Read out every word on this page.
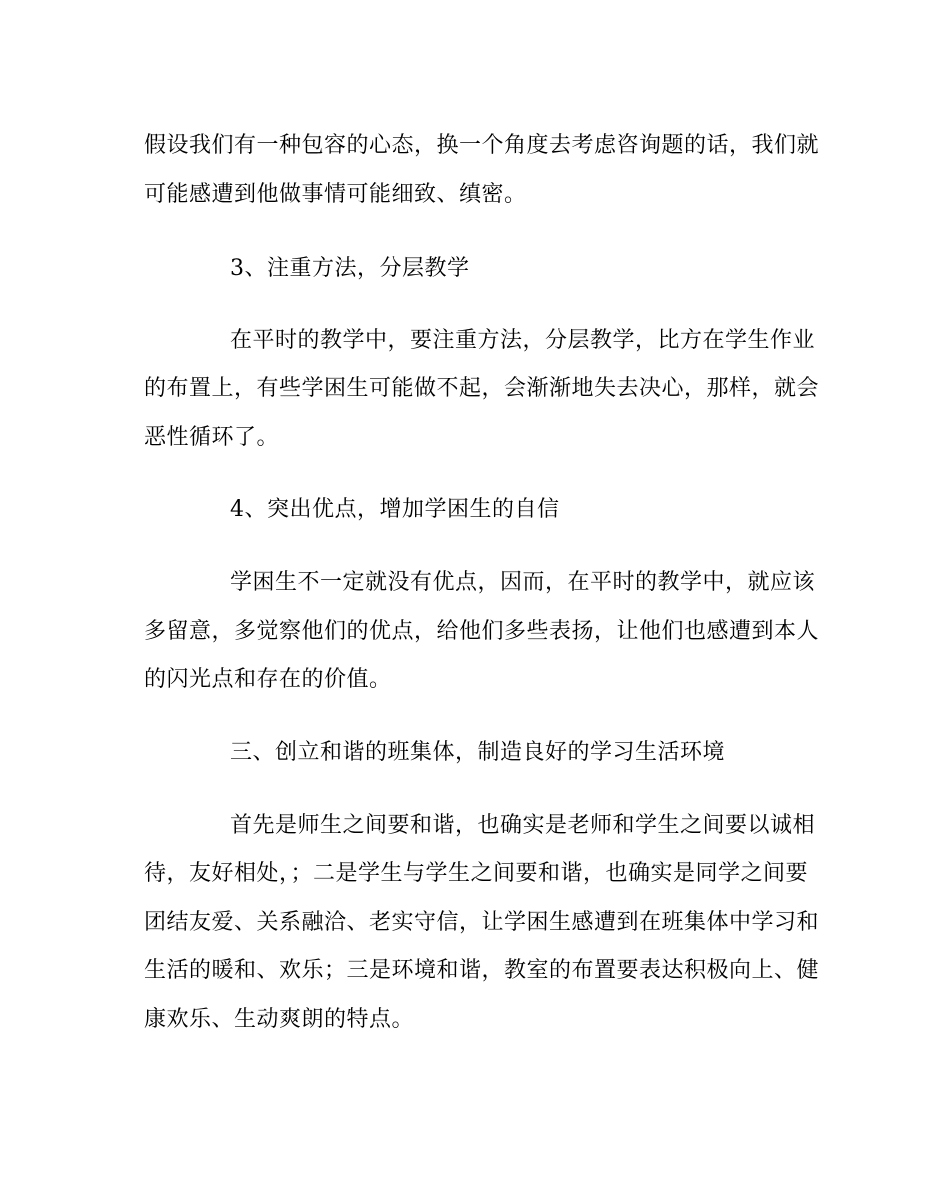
假设我们有一种包容的心态，换一个角度去考虑咨询题的话，我们就
可能感遭到他做事情可能细致、缜密。
3、注重方法，分层教学
在平时的教学中，要注重方法，分层教学，比方在学生作业
的布置上，有些学困生可能做不起，会渐渐地失去决心，那样，就会
恶性循环了。
4、突出优点，增加学困生的自信
学困生不一定就没有优点，因而，在平时的教学中，就应该
多留意，多觉察他们的优点，给他们多些表扬，让他们也感遭到本人
的闪光点和存在的价值。
三、创立和谐的班集体，制造良好的学习生活环境
首先是师生之间要和谐，也确实是老师和学生之间要以诚相
待，友好相处，；二是学生与学生之间要和谐，也确实是同学之间要
团结友爱、关系融洽、老实守信，让学困生感遭到在班集体中学习和
生活的暖和、欢乐；三是环境和谐，教室的布置要表达积极向上、健
康欢乐、生动爽朗的特点。
